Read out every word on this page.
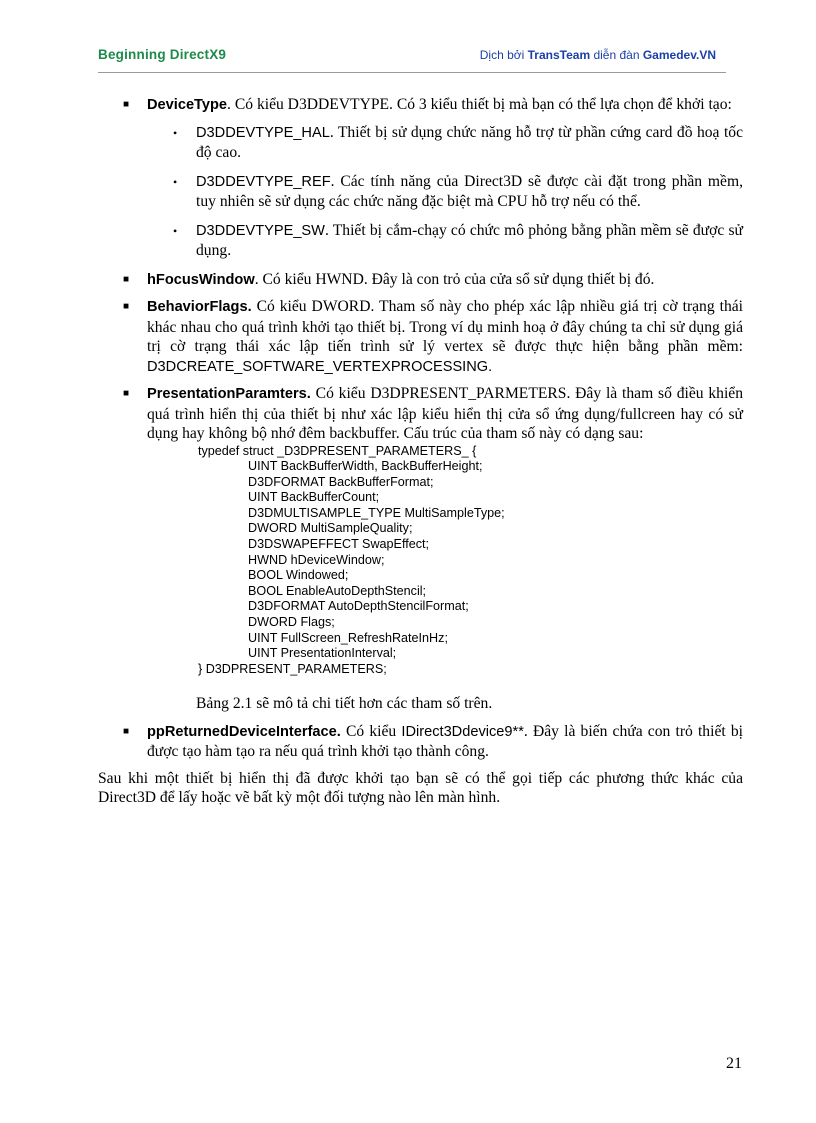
Beginning DirectX9	Dịch bởi TransTeam diễn đàn Gamedev.VN
■ DeviceType. Có kiểu D3DDEVTYPE. Có 3 kiểu thiết bị mà bạn có thể lựa chọn để khởi tạo:
• D3DDEVTYPE_HAL. Thiết bị sử dụng chức năng hỗ trợ từ phần cứng card đồ hoạ tốc độ cao.
• D3DDEVTYPE_REF. Các tính năng của Direct3D sẽ được cài đặt trong phần mềm, tuy nhiên sẽ sử dụng các chức năng đặc biệt mà CPU hỗ trợ nếu có thể.
• D3DDEVTYPE_SW. Thiết bị cắm-chạy có chức mô phỏng bằng phần mềm sẽ được sử dụng.
■ hFocusWindow. Có kiểu HWND. Đây là con trỏ của cửa sổ sử dụng thiết bị đó.
■ BehaviorFlags. Có kiểu DWORD. Tham số này cho phép xác lập nhiều giá trị cờ trạng thái khác nhau cho quá trình khởi tạo thiết bị. Trong ví dụ minh hoạ ở đây chúng ta chỉ sử dụng giá trị cờ trạng thái xác lập tiến trình sử lý vertex sẽ được thực hiện bằng phần mềm: D3DCREATE_SOFTWARE_VERTEXPROCESSING.
■ PresentationParamters. Có kiểu D3DPRESENT_PARMETERS. Đây là tham số điều khiển quá trình hiển thị của thiết bị như xác lập kiểu hiển thị cửa sổ ứng dụng/fullcreen hay có sử dụng hay không bộ nhớ đêm backbuffer. Cấu trúc của tham số này có dạng sau:
typedef struct _D3DPRESENT_PARAMETERS_ {
UINT BackBufferWidth, BackBufferHeight;
D3DFORMAT BackBufferFormat;
UINT BackBufferCount;
D3DMULTISAMPLE_TYPE MultiSampleType;
DWORD MultiSampleQuality;
D3DSWAPEFFECT SwapEffect;
HWND hDeviceWindow;
BOOL Windowed;
BOOL EnableAutoDepthStencil;
D3DFORMAT AutoDepthStencilFormat;
DWORD Flags;
UINT FullScreen_RefreshRateInHz;
UINT PresentationInterval;
} D3DPRESENT_PARAMETERS;
Bảng 2.1 sẽ mô tả chi tiết hơn các tham số trên.
■ ppReturnedDeviceInterface. Có kiểu IDirect3Ddevice9**. Đây là biến chứa con trỏ thiết bị được tạo hàm tạo ra nếu quá trình khởi tạo thành công.
Sau khi một thiết bị hiển thị đã được khởi tạo bạn sẽ có thể gọi tiếp các phương thức khác của Direct3D để lấy hoặc vẽ bất kỳ một đối tượng nào lên màn hình.
21
